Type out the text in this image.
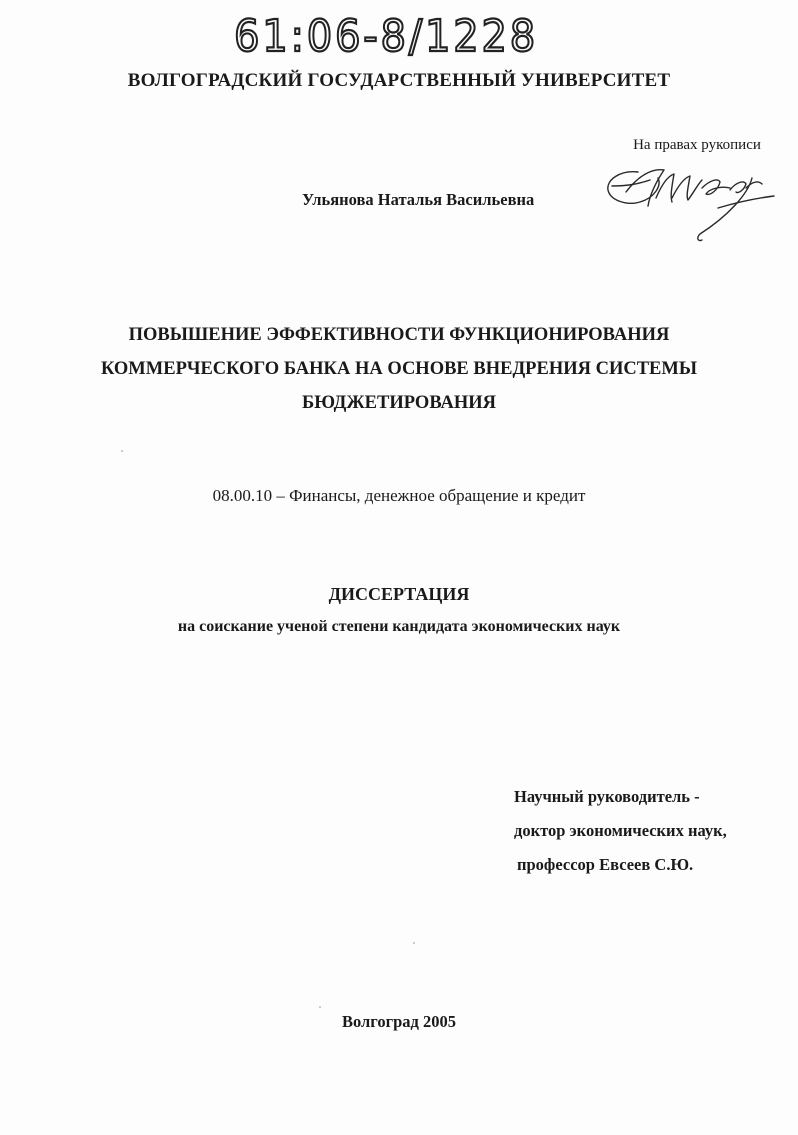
61:06-8/1228
ВОЛГОГРАДСКИЙ ГОСУДАРСТВЕННЫЙ УНИВЕРСИТЕТ
На правах рукописи
Ульянова Наталья Васильевна
ПОВЫШЕНИЕ ЭФФЕКТИВНОСТИ ФУНКЦИОНИРОВАНИЯ
КОММЕРЧЕСКОГО БАНКА НА ОСНОВЕ ВНЕДРЕНИЯ СИСТЕМЫ
БЮДЖЕТИРОВАНИЯ
08.00.10 – Финансы, денежное обращение и кредит
ДИССЕРТАЦИЯ
на соискание ученой степени кандидата экономических наук
Научный руководитель -
доктор экономических наук,
профессор Евсеев С.Ю.
Волгоград 2005
